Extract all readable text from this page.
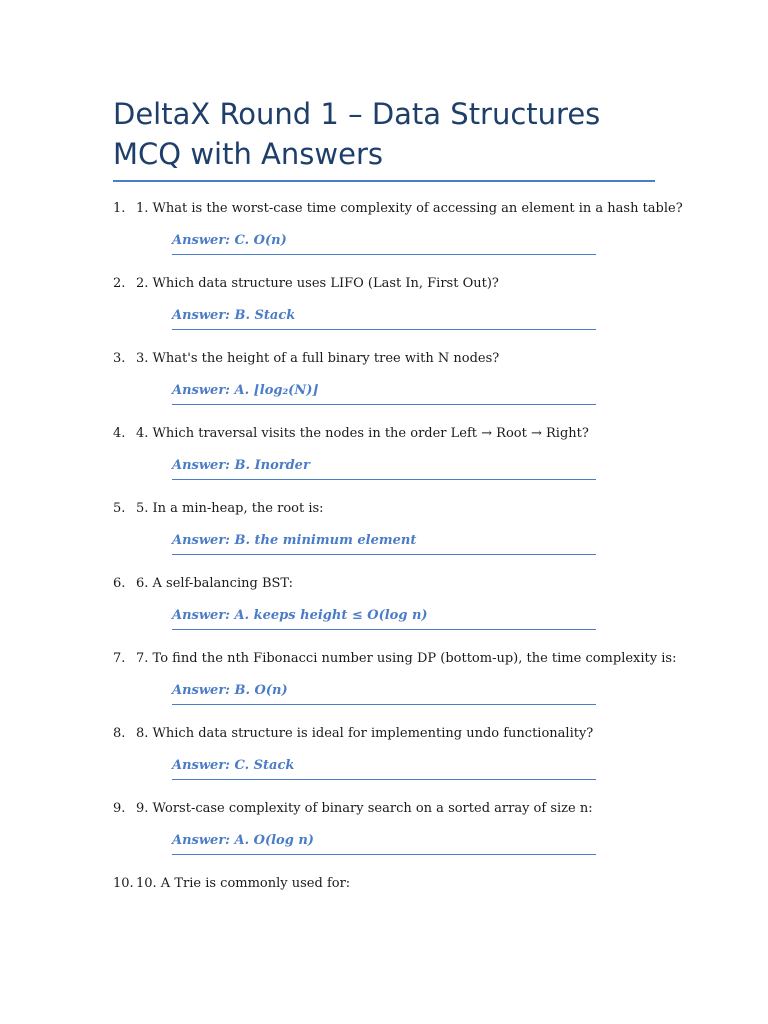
DeltaX Round 1 – Data Structures MCQ with Answers
1. 1. What is the worst-case time complexity of accessing an element in a hash table?
Answer: C. O(n)
2. 2. Which data structure uses LIFO (Last In, First Out)?
Answer: B. Stack
3. 3. What's the height of a full binary tree with N nodes?
Answer: A. ⌊log₂(N)⌋
4. 4. Which traversal visits the nodes in the order Left → Root → Right?
Answer: B. Inorder
5. 5. In a min-heap, the root is:
Answer: B. the minimum element
6. 6. A self-balancing BST:
Answer: A. keeps height ≤ O(log n)
7. 7. To find the nth Fibonacci number using DP (bottom-up), the time complexity is:
Answer: B. O(n)
8. 8. Which data structure is ideal for implementing undo functionality?
Answer: C. Stack
9. 9. Worst-case complexity of binary search on a sorted array of size n:
Answer: A. O(log n)
10. 10. A Trie is commonly used for:
